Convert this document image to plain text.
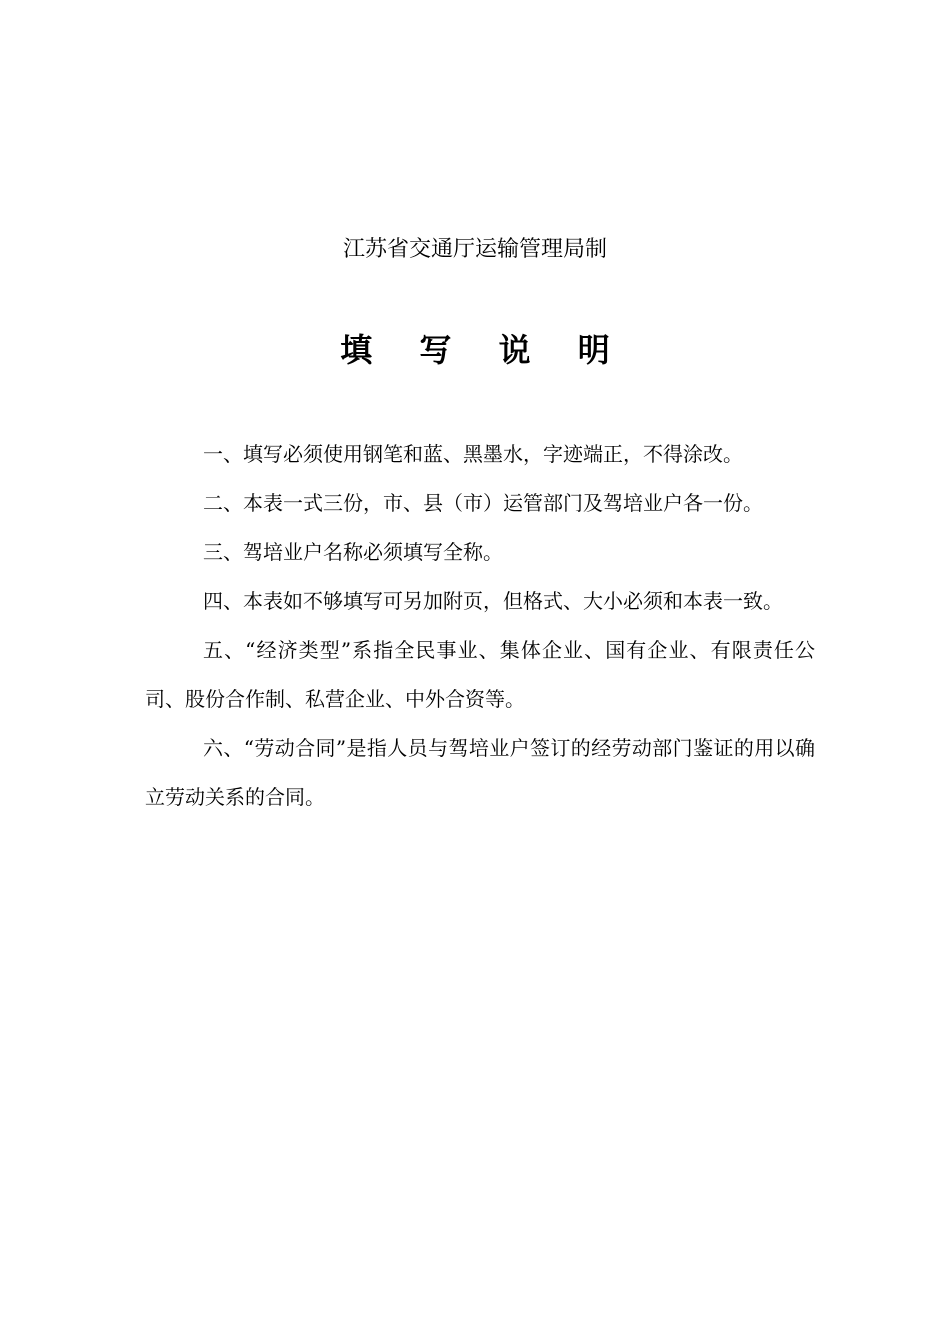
江苏省交通厅运输管理局制
填 写 说 明

一、填写必须使用钢笔和蓝、黑墨水，字迹端正，不得涂改。

二、本表一式三份，市、县（市）运管部门及驾培业户各一份。

三、驾培业户名称必须填写全称。

四、本表如不够填写可另加附页，但格式、大小必须和本表一致。

五、“经济类型”系指全民事业、集体企业、国有企业、有限责任公司、股份合作制、私营企业、中外合资等。

六、“劳动合同”是指人员与驾培业户签订的经劳动部门鉴证的用以确立劳动关系的合同。
